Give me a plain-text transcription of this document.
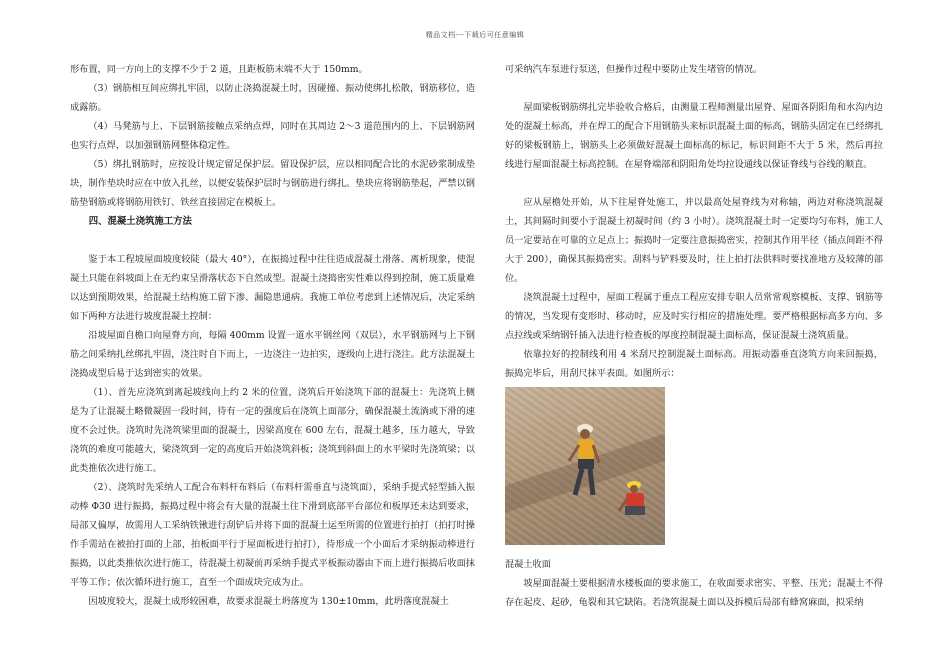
精品文档---下载后可任意编辑

形布置，同一方向上的支撑不少于 2 道，且距板筋末端不大于 150mm。

（3）钢筋相互间应绑扎牢固，以防止浇捣混凝土时，因碰撞、振动使绑扎松散，钢筋移位，造成露筋。

（4）马凳筋与上、下层钢筋接触点采纳点焊，同时在其周边 2～3 道范围内的上、下层钢筋网也实行点焊，以加强钢筋网整体稳定性。

（5）绑扎钢筋时，应按设计规定留足保护层。留设保护层，应以相同配合比的水泥砂浆制成垫块，制作垫块时应在中放入扎丝，以便安装保护层时与钢筋进行绑扎。垫块应将钢筋垫起，严禁以钢筋垫钢筋或将钢筋用铁钉、铁丝直接固定在模板上。

四、混凝土浇筑施工方法

鉴于本工程坡屋面坡度较陡（最大 40°），在振捣过程中往往造成混凝土滑落、离析现象，使混凝土只能在斜坡面上在无约束呈滑落状态下自然成型。混凝土浇捣密实性难以得到控制，施工质量难以达到预期效果，给混凝土结构施工留下渗、漏隐患通病。我施工单位考虑到上述情况后，决定采纳如下两种方法进行坡度混凝土控制：

沿坡屋面自檐口向屋脊方向，每隔 400mm 设置一道水平钢丝网（双层），水平钢筋网与上下钢筋之间采纳扎丝绑扎牢固，浇注时自下而上，一边浇注一边拍实，逐级向上进行浇注。此方法混凝土浇捣成型后易于达到密实的效果。

（1）、首先应浇筑到离起坡线向上约 2 米的位置，浇筑后开始浇筑下部的混凝土：先浇筑上侧是为了让混凝土略微凝固一段时间，待有一定的强度后在浇筑上面部分，确保混凝土流淌或下滑的速度不会过快。浇筑时先浇筑梁里面的混凝土，因梁高度在 600 左右，混凝土越多，压力越大，导致浇筑的难度可能越大，梁浇筑到一定的高度后开始浇筑斜板；浇筑到斜面上的水平梁时先浇筑梁；以此类推依次进行施工。

（2）、浇筑时先采纳人工配合布料杆布料后（布料杆需垂直与浇筑面），采纳手提式轻型插入振动棒 Φ30 进行振捣，振捣过程中将会有大量的混凝土往下滑到底部平台部位和板厚还未达到要求，局部又偏厚，故需用人工采纳铁锹进行刮铲后并将下面的混凝土运至所需的位置进行拍打（拍打时操作手需站在被拍打面的上部，拍板面平行于屋面板进行拍打），待形成一个小面后才采纳振动棒进行振捣，以此类推依次进行施工，待混凝土初凝前再采纳手提式平板振动器由下而上进行振捣后收面抹平等工作；依次循环进行施工，直至一个面成块完成为止。

因坡度较大，混凝土成形较困难，故要求混凝土坍落度为 130±10mm，此坍落度混凝土

可采纳汽车泵进行泵送，但操作过程中要防止发生堵管的情况。

屋面梁板钢筋绑扎完毕验收合格后，由测量工程师测量出屋脊、屋面各阴阳角和水沟内边处的混凝土标高，并在焊工的配合下用钢筋头来标识混凝土面的标高，钢筋头固定在已经绑扎好的梁板钢筋上，钢筋头上必须做好混凝土面标高的标记，标识间距不大于 5 米，然后再拉线进行屋面混凝土标高控制。在屋脊端部和阴阳角处均拉设通线以保证脊线与谷线的顺直。

应从屋檐处开始，从下往屋脊处施工，并以最高处屋脊线为对称轴，两边对称浇筑混凝土，其间隔时间要小于混凝土初凝时间（约 3 小时）。浇筑混凝土时一定要均匀布料，施工人员一定要站在可靠的立足点上；振捣时一定要注意振捣密实，控制其作用半径（插点间距不得大于 200），确保其振捣密实。刮料与铲料要及时，往上拍打法供料时要找准地方及较薄的部位。

浇筑混凝土过程中，屋面工程属于重点工程应安排专职人员常常观察模板、支撑、钢筋等的情况，当发现有变形时、移动时，应及时实行相应的措施处理。要严格根据标高多方向、多点拉线或采纳钢钎插入法进行检查板的厚度控制混凝土面标高，保证混凝土浇筑质量。

依靠拉好的控制线利用 4 米刮尺控制混凝土面标高。用振动器垂直浇筑方向来回振捣，振捣完毕后，用刮尺抹平表面。如图所示：

混凝土收面

坡屋面混凝土要根据清水楼板面的要求施工，在收面要求密实、平整、压光；混凝土不得存在起皮、起砂，龟裂和其它缺陷。若浇筑混凝土面以及拆模后局部有蜂窝麻面，拟采纳
